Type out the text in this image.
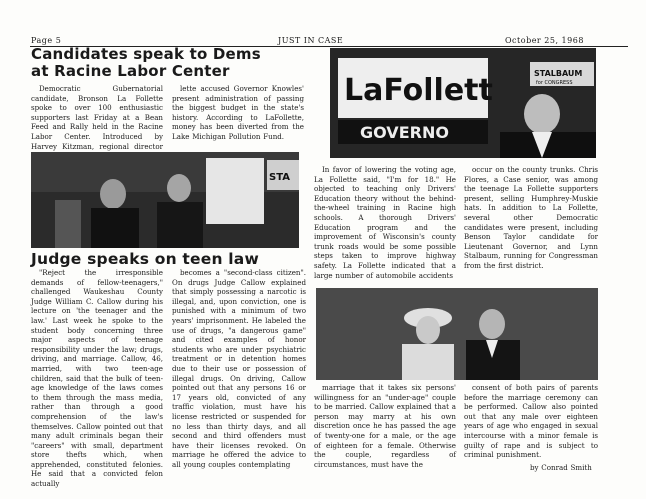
Page 5	JUST IN CASE	October 25, 1968
Candidates speak to Dems
at Racine Labor Center

Democratic Gubernatorial candidate, Bronson La Follette spoke to over 100 enthusiastic supporters last Friday at a Bean Feed and Rally held in the Racine Labor Center. Introduced by Harvey Kitzman, regional director

lette accused Governor Knowles' present administration of passing the biggest budget in the state's history. According to LaFollette, money has been diverted from the Lake Michigan Pollution Fund.

LaFollett
GOVERNO
STALBAUM
for CONGRESS
STA
Judge speaks on teen law

"Reject the irresponsible demands of fellow-teenagers," challenged Waukeshau County Judge William C. Callow during his lecture on 'the teenager and the law.' Last week he spoke to the student body concerning three major aspects of teenage responsibility under the law; drugs, driving, and marriage. Callow, 46, married, with two teen-age children, said that the bulk of teen-age knowledge of the laws comes to them through the mass media, rather than through a good comprehension of the law's themselves. Callow pointed out that many adult criminals began their "careers" with small, department store thefts which, when apprehended, constituted felonies. He said that a convicted felon actually

becomes a "second-class citizen". On drugs Judge Callow explained that simply possessing a narcotic is illegal, and, upon conviction, one is punished with a minimum of two years' imprisonment. He labeled the use of drugs, "a dangerous game" and cited examples of honor students who are under psychiatric treatment or in detention homes due to their use or possession of illegal drugs. On driving, Callow pointed out that any persons 16 or 17 years old, convicted of any traffic violation, must have his license restricted or suspended for no less than thirty days, and all second and third offenders must have their licenses revoked. On marriage he offered the advice to all young couples contemplating

In favor of lowering the voting age, La Follette said, "I'm for 18." He objected to teaching only Drivers' Education theory without the behind-the-wheel training in Racine high schools. A thorough Drivers' Education program and the improvement of Wisconsin's county trunk roads would be some possible steps taken to improve highway safety. La Follette indicated that a large number of automobile accidents

occur on the county trunks. Chris Flores, a Case senior, was among the teenage La Follette supporters present, selling Humphrey-Muskie hats. In addition to La Follette, several other Democratic candidates were present, including Benson Taylor candidate for Lieutenant Governor, and Lynn Stalbaum, running for Congressman from the first district.

marriage that it takes six persons' willingness for an "under-age" couple to be married. Callow explained that a person may marry at his own discretion once he has passed the age of twenty-one for a male, or the age of eighteen for a female. Otherwise the couple, regardless of circumstances, must have the

consent of both pairs of parents before the marriage ceremony can be performed. Callow also pointed out that any male over eighteen years of age who engaged in sexual intercourse with a minor female is guilty of rape and is subject to criminal punishment.

by Conrad Smith
